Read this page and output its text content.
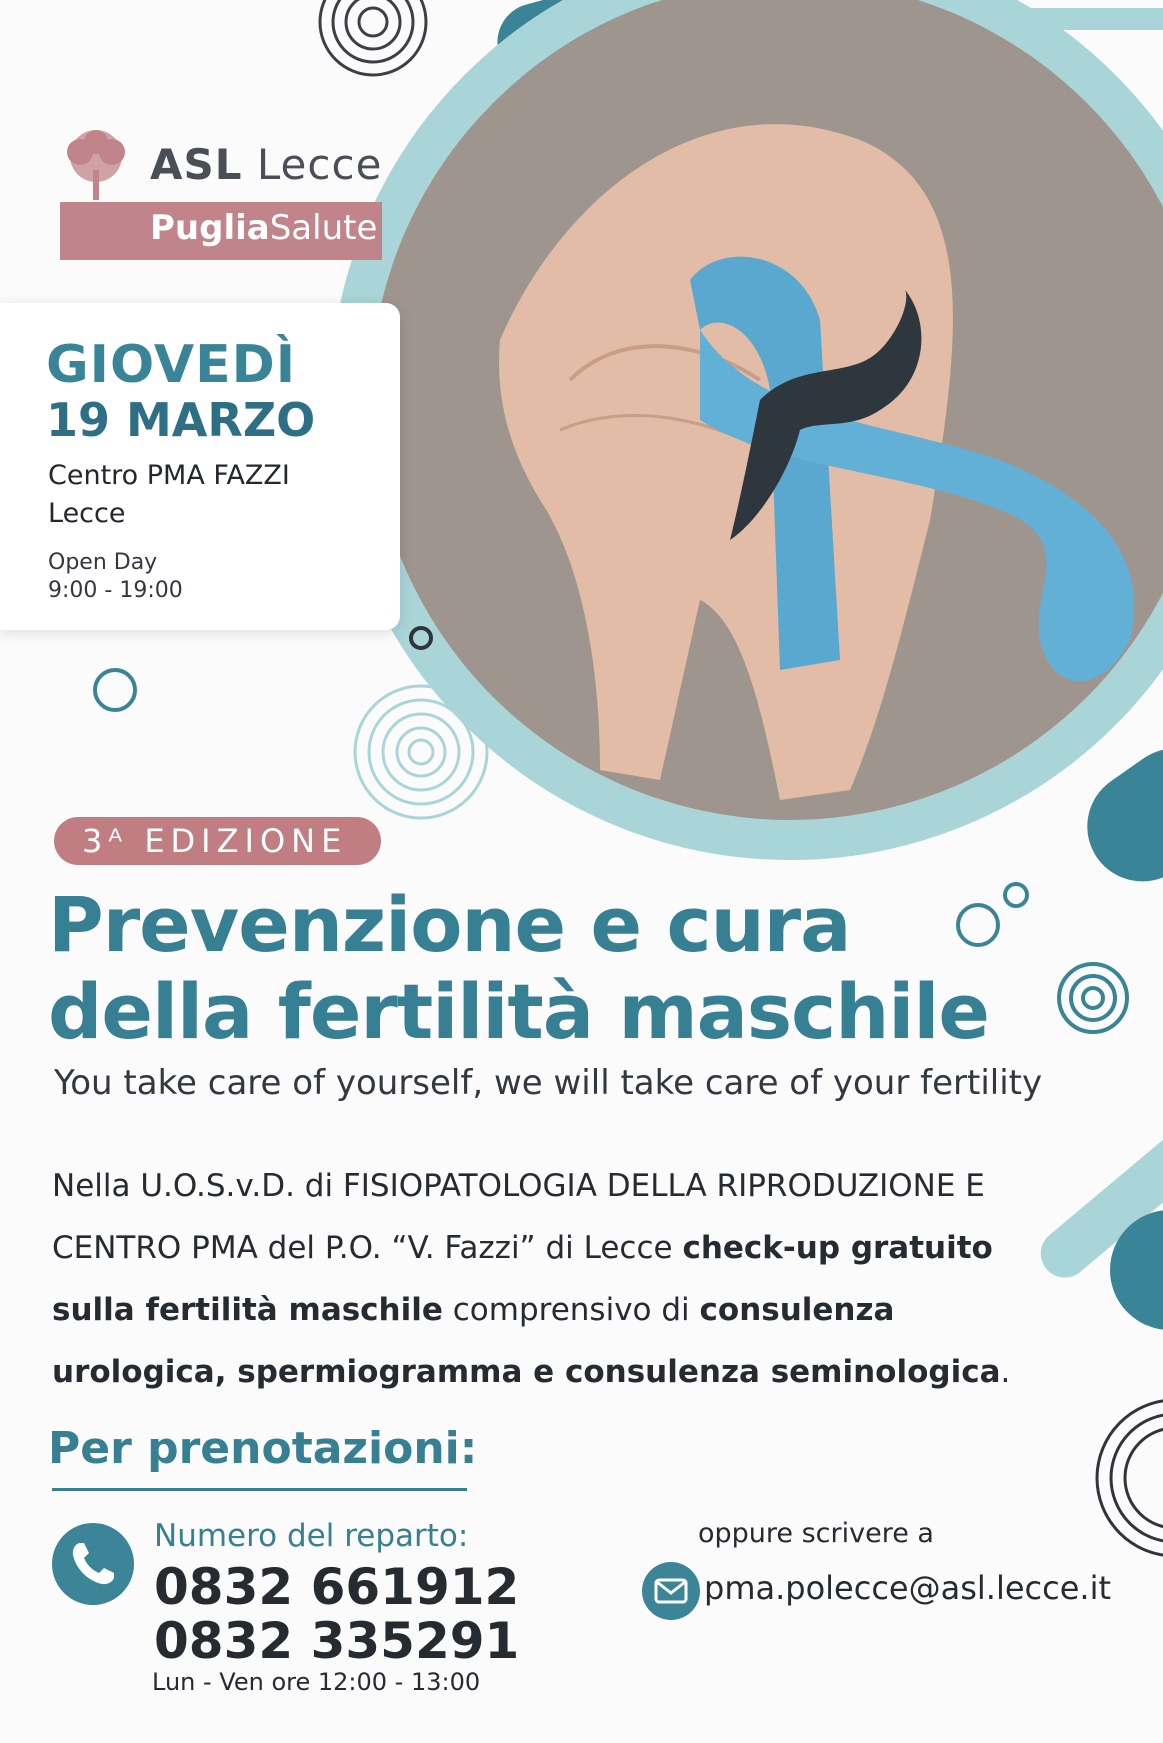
ASL Lecce
PugliaSalute
GIOVEDÌ
19 MARZO
Centro PMA FAZZI
Lecce
Open Day
9:00 - 19:00
3ᴬ EDIZIONE
Prevenzione e cura
della fertilità maschile
You take care of yourself, we will take care of your fertility
Nella U.O.S.v.D. di FISIOPATOLOGIA DELLA RIPRODUZIONE E CENTRO PMA del P.O. “V. Fazzi” di Lecce check-up gratuito sulla fertilità maschile comprensivo di consulenza urologica, spermiogramma e consulenza seminologica.
Per prenotazioni:
Numero del reparto:
0832 661912
0832 335291
Lun - Ven ore 12:00 - 13:00
oppure scrivere a
pma.polecce@asl.lecce.it
